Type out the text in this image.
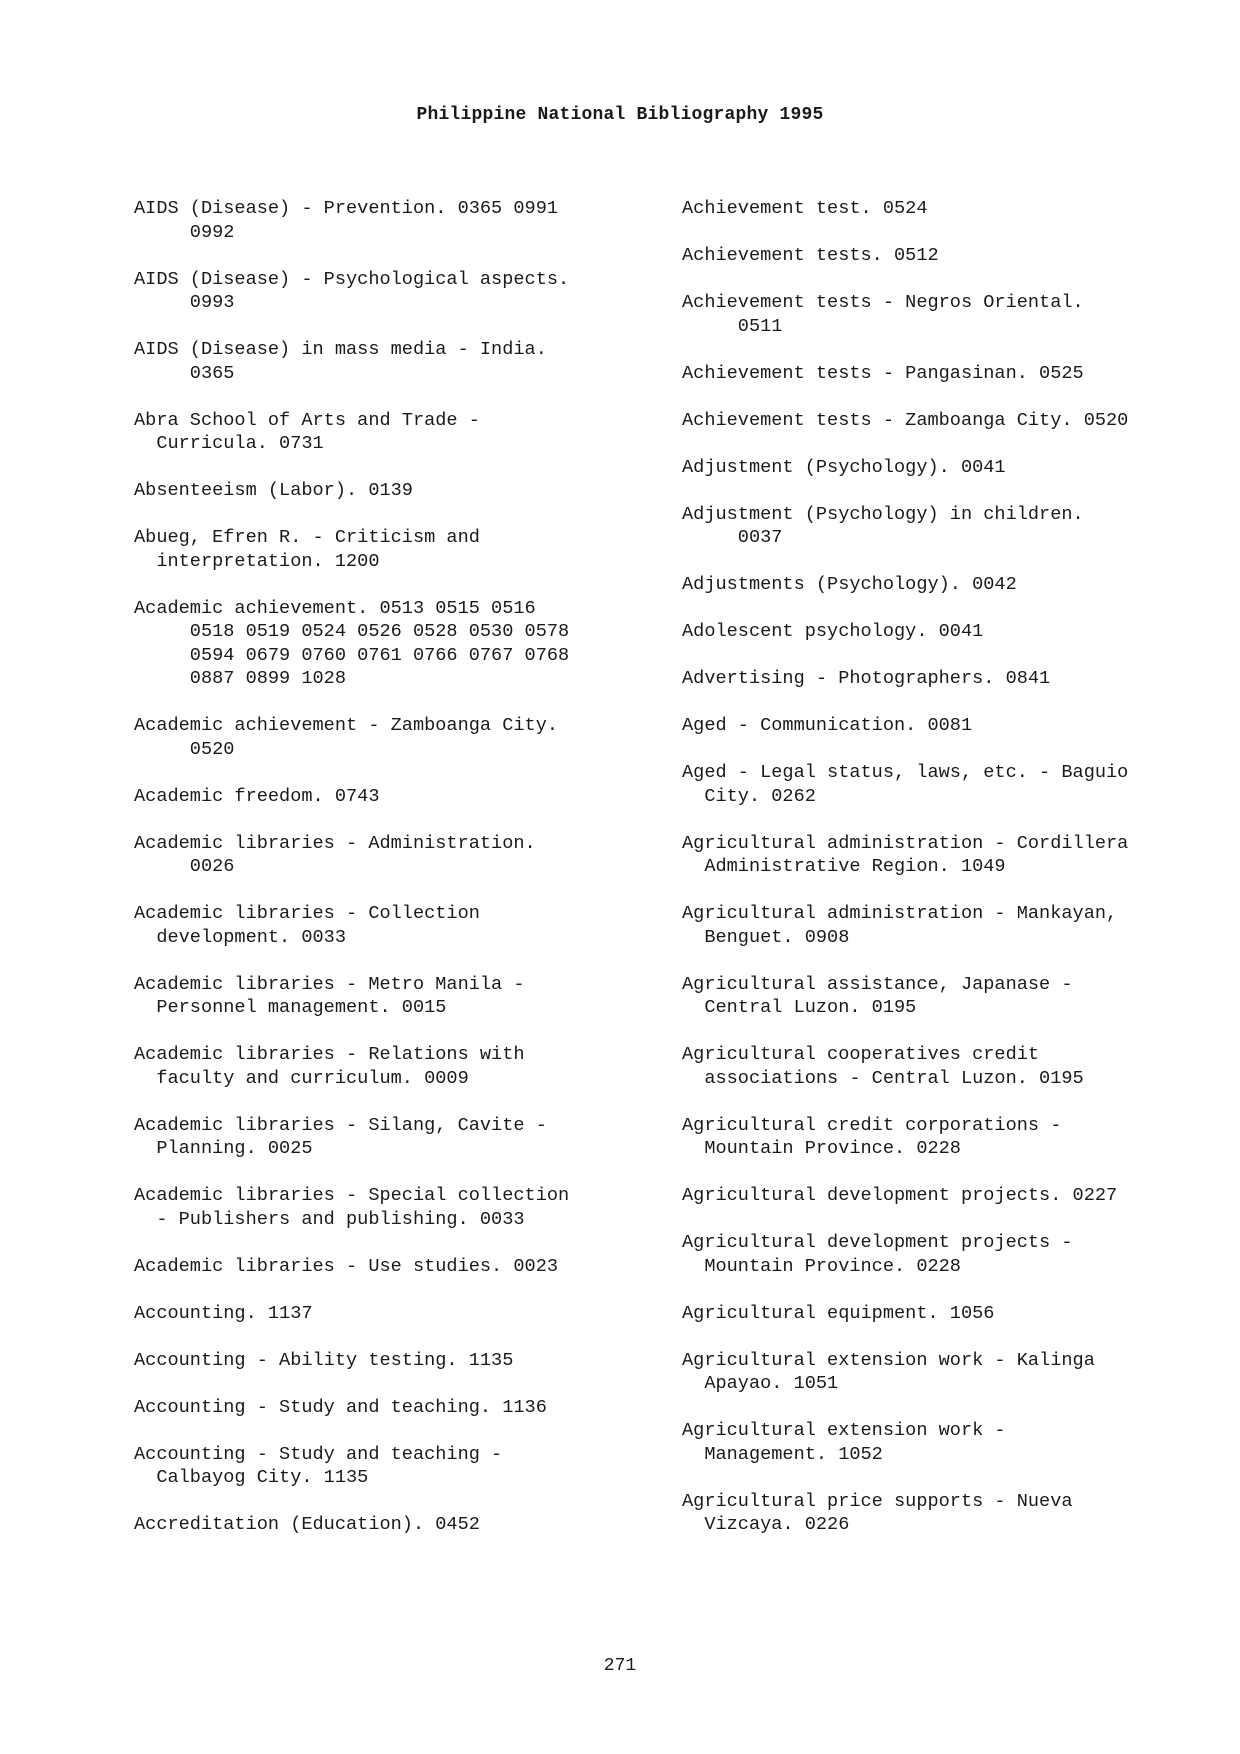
Philippine National Bibliography 1995
AIDS (Disease) - Prevention. 0365 0991
0992
AIDS (Disease) - Psychological aspects.
0993
AIDS (Disease) in mass media - India.
0365
Abra School of Arts and Trade -
Curricula. 0731
Absenteeism (Labor). 0139
Abueg, Efren R. - Criticism and
interpretation. 1200
Academic achievement. 0513 0515 0516
0518 0519 0524 0526 0528 0530 0578
0594 0679 0760 0761 0766 0767 0768
0887 0899 1028
Academic achievement - Zamboanga City.
0520
Academic freedom. 0743
Academic libraries - Administration.
0026
Academic libraries - Collection
development. 0033
Academic libraries - Metro Manila -
Personnel management. 0015
Academic libraries - Relations with
faculty and curriculum. 0009
Academic libraries - Silang, Cavite -
Planning. 0025
Academic libraries - Special collection
- Publishers and publishing. 0033
Academic libraries - Use studies. 0023
Accounting. 1137
Accounting - Ability testing. 1135
Accounting - Study and teaching. 1136
Accounting - Study and teaching -
Calbayog City. 1135
Accreditation (Education). 0452
Achievement test. 0524
Achievement tests. 0512
Achievement tests - Negros Oriental.
0511
Achievement tests - Pangasinan. 0525
Achievement tests - Zamboanga City. 0520
Adjustment (Psychology). 0041
Adjustment (Psychology) in children.
0037
Adjustments (Psychology). 0042
Adolescent psychology. 0041
Advertising - Photographers. 0841
Aged - Communication. 0081
Aged - Legal status, laws, etc. - Baguio
City. 0262
Agricultural administration - Cordillera
Administrative Region. 1049
Agricultural administration - Mankayan,
Benguet. 0908
Agricultural assistance, Japanase -
Central Luzon. 0195
Agricultural cooperatives credit
associations - Central Luzon. 0195
Agricultural credit corporations -
Mountain Province. 0228
Agricultural development projects. 0227
Agricultural development projects -
Mountain Province. 0228
Agricultural equipment. 1056
Agricultural extension work - Kalinga
Apayao. 1051
Agricultural extension work -
Management. 1052
Agricultural price supports - Nueva
Vizcaya. 0226
271
